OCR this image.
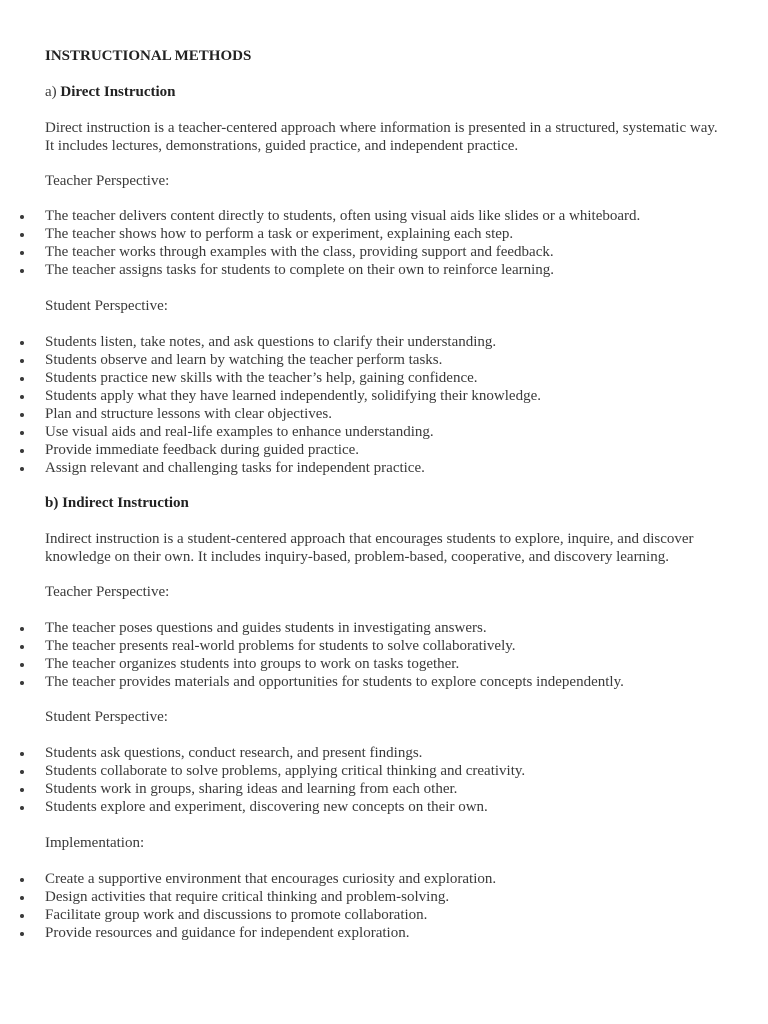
INSTRUCTIONAL METHODS
a) Direct Instruction
Direct instruction is a teacher-centered approach where information is presented in a structured, systematic way. It includes lectures, demonstrations, guided practice, and independent practice.
Teacher Perspective:
The teacher delivers content directly to students, often using visual aids like slides or a whiteboard.
The teacher shows how to perform a task or experiment, explaining each step.
The teacher works through examples with the class, providing support and feedback.
The teacher assigns tasks for students to complete on their own to reinforce learning.
Student Perspective:
Students listen, take notes, and ask questions to clarify their understanding.
Students observe and learn by watching the teacher perform tasks.
Students practice new skills with the teacher’s help, gaining confidence.
Students apply what they have learned independently, solidifying their knowledge.
Plan and structure lessons with clear objectives.
Use visual aids and real-life examples to enhance understanding.
Provide immediate feedback during guided practice.
Assign relevant and challenging tasks for independent practice.
b) Indirect Instruction
Indirect instruction is a student-centered approach that encourages students to explore, inquire, and discover knowledge on their own. It includes inquiry-based, problem-based, cooperative, and discovery learning.
Teacher Perspective:
The teacher poses questions and guides students in investigating answers.
The teacher presents real-world problems for students to solve collaboratively.
The teacher organizes students into groups to work on tasks together.
The teacher provides materials and opportunities for students to explore concepts independently.
Student Perspective:
Students ask questions, conduct research, and present findings.
Students collaborate to solve problems, applying critical thinking and creativity.
Students work in groups, sharing ideas and learning from each other.
Students explore and experiment, discovering new concepts on their own.
Implementation:
Create a supportive environment that encourages curiosity and exploration.
Design activities that require critical thinking and problem-solving.
Facilitate group work and discussions to promote collaboration.
Provide resources and guidance for independent exploration.
